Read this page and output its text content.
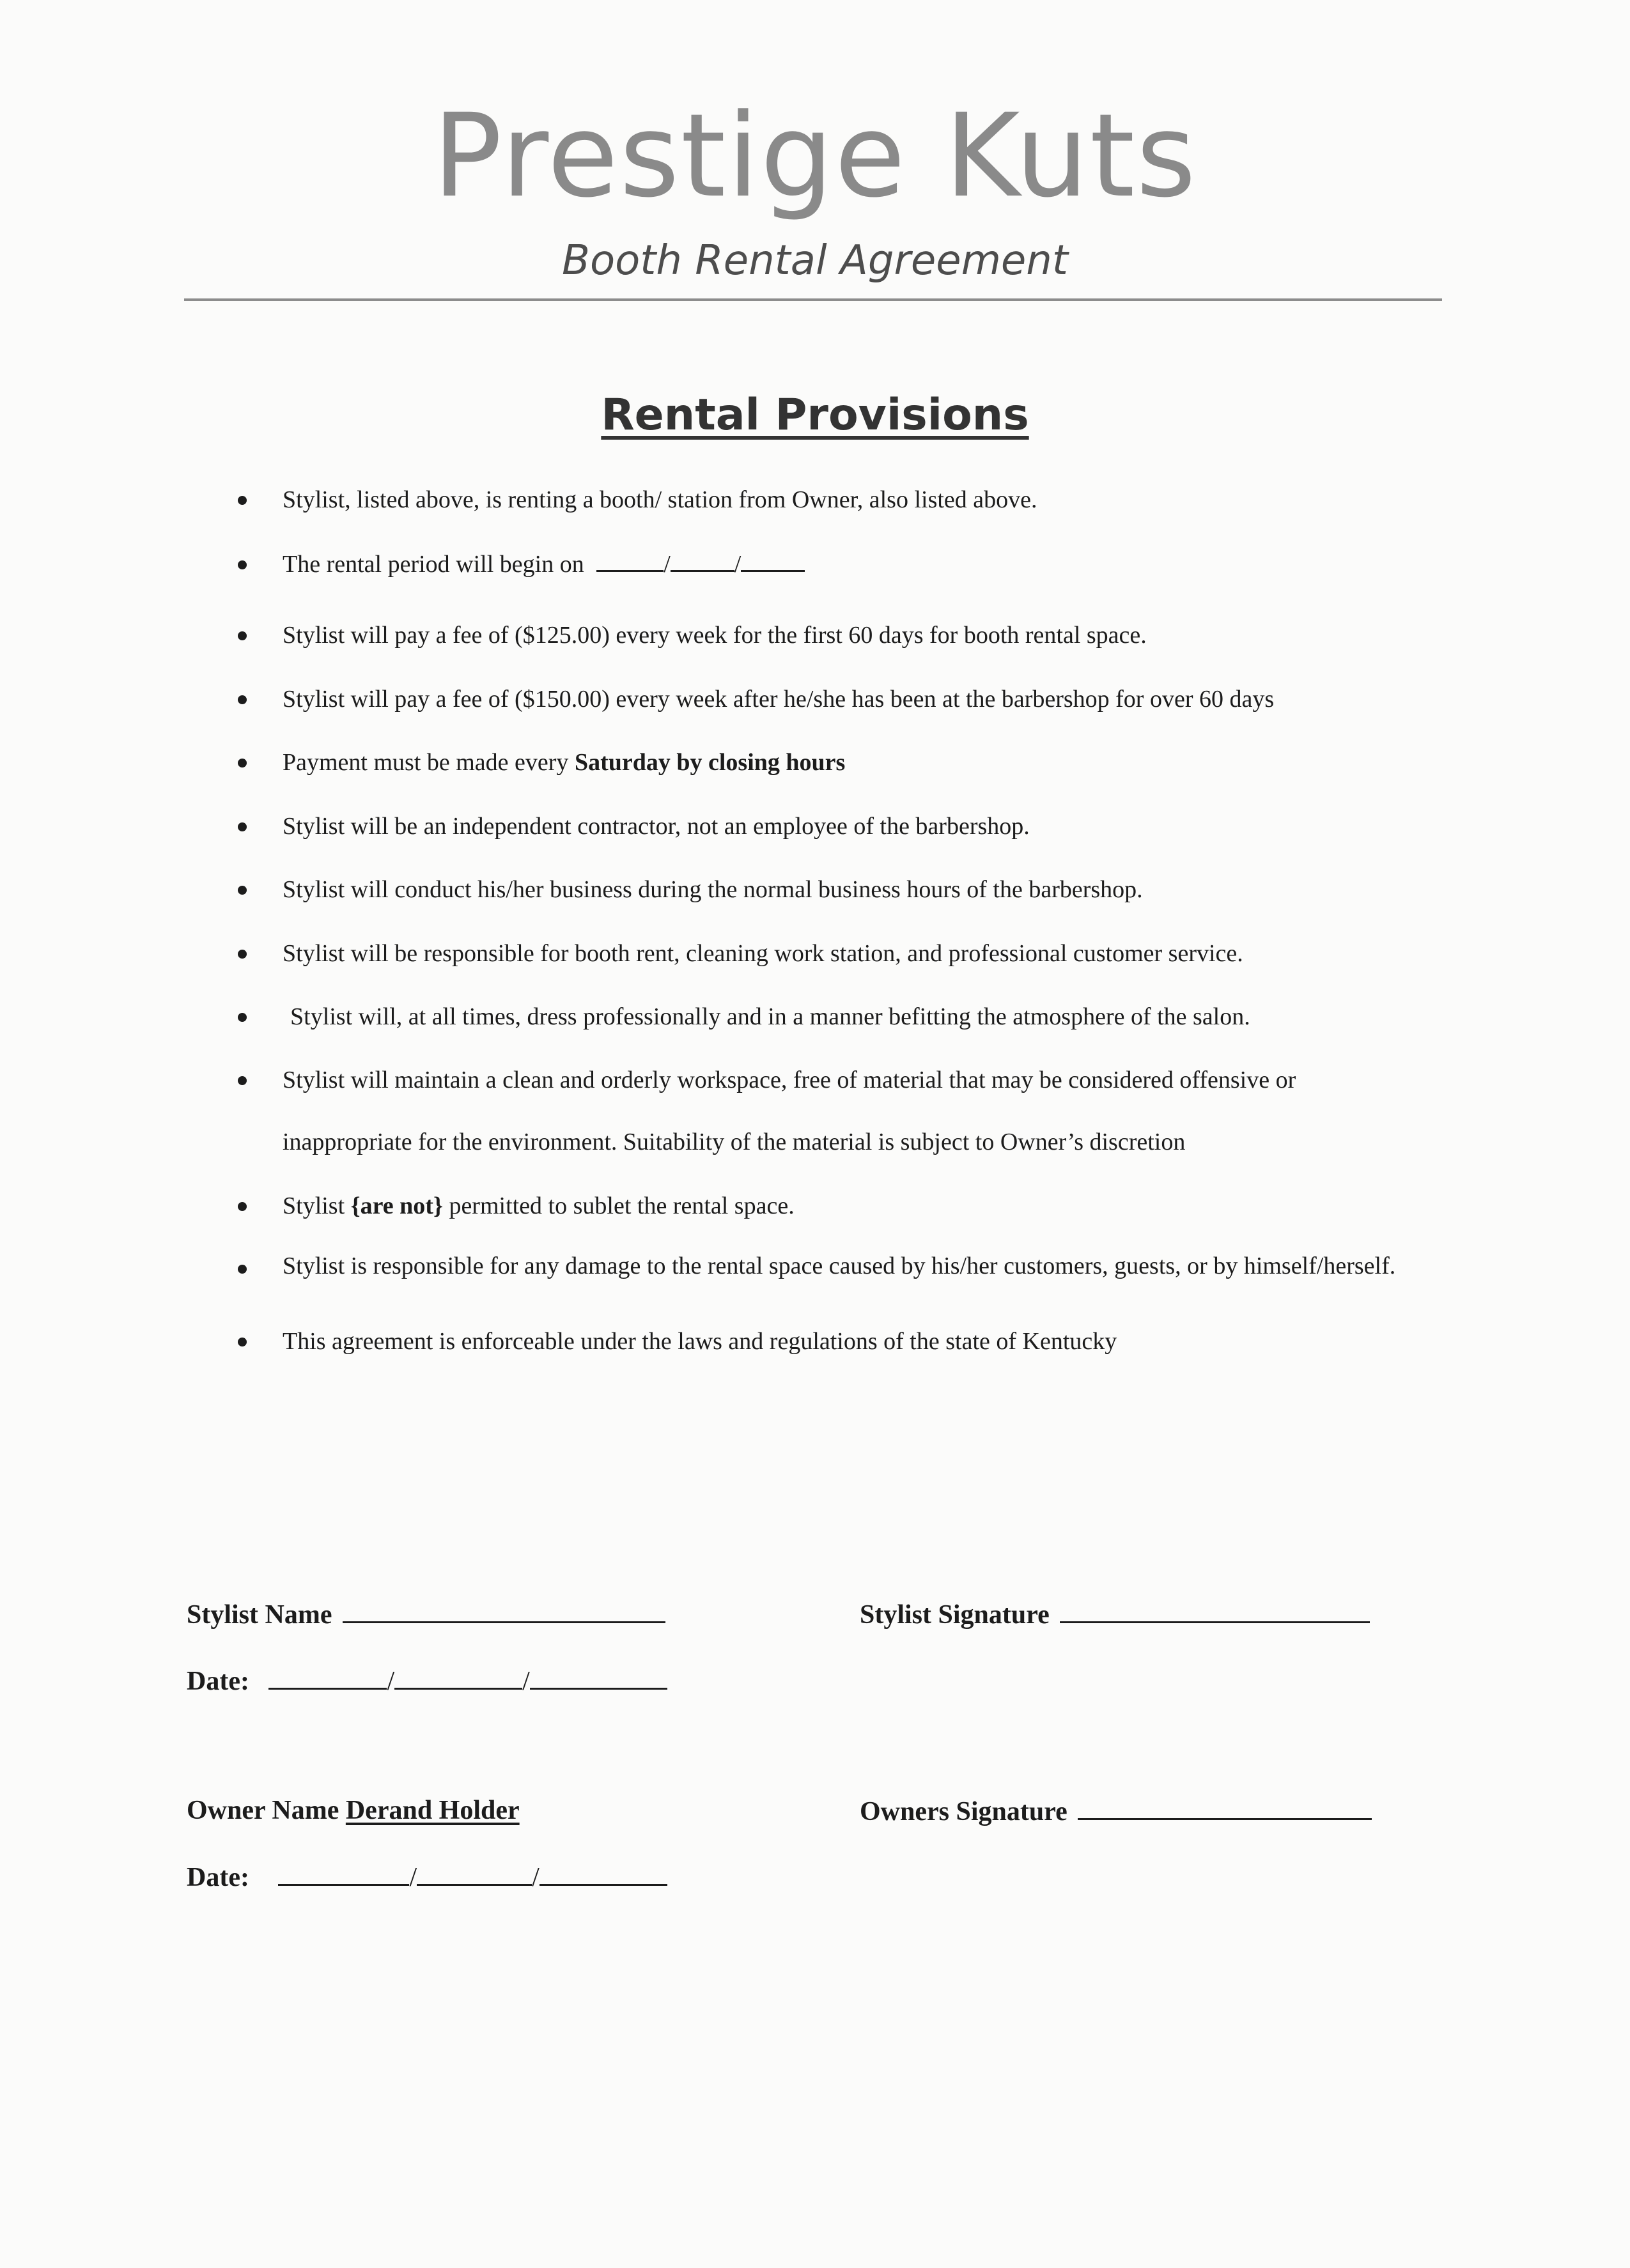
Prestige Kuts
Booth Rental Agreement
Rental Provisions
Stylist, listed above, is renting a booth/ station from Owner, also listed above.
The rental period will begin on	/	/
Stylist will pay a fee of ($125.00) every week for the first 60 days for booth rental space.
Stylist will pay a fee of ($150.00) every week after he/she has been at the barbershop for over 60 days
Payment must be made every Saturday by closing hours
Stylist will be an independent contractor, not an employee of the barbershop.
Stylist will conduct his/her business during the normal business hours of the barbershop.
Stylist will be responsible for booth rent, cleaning work station, and professional customer service.
Stylist will, at all times, dress professionally and in a manner befitting the atmosphere of the salon.
Stylist will maintain a clean and orderly workspace, free of material that may be considered offensive or
inappropriate for the environment. Suitability of the material is subject to Owner’s discretion
Stylist {are not} permitted to sublet the rental space.
Stylist is responsible for any damage to the rental space caused by his/her customers, guests, or by himself/herself.
This agreement is enforceable under the laws and regulations of the state of Kentucky
Stylist Name	Stylist Signature
Date:	/	/
Owner Name Derand Holder	Owners Signature
Date:	/	/
